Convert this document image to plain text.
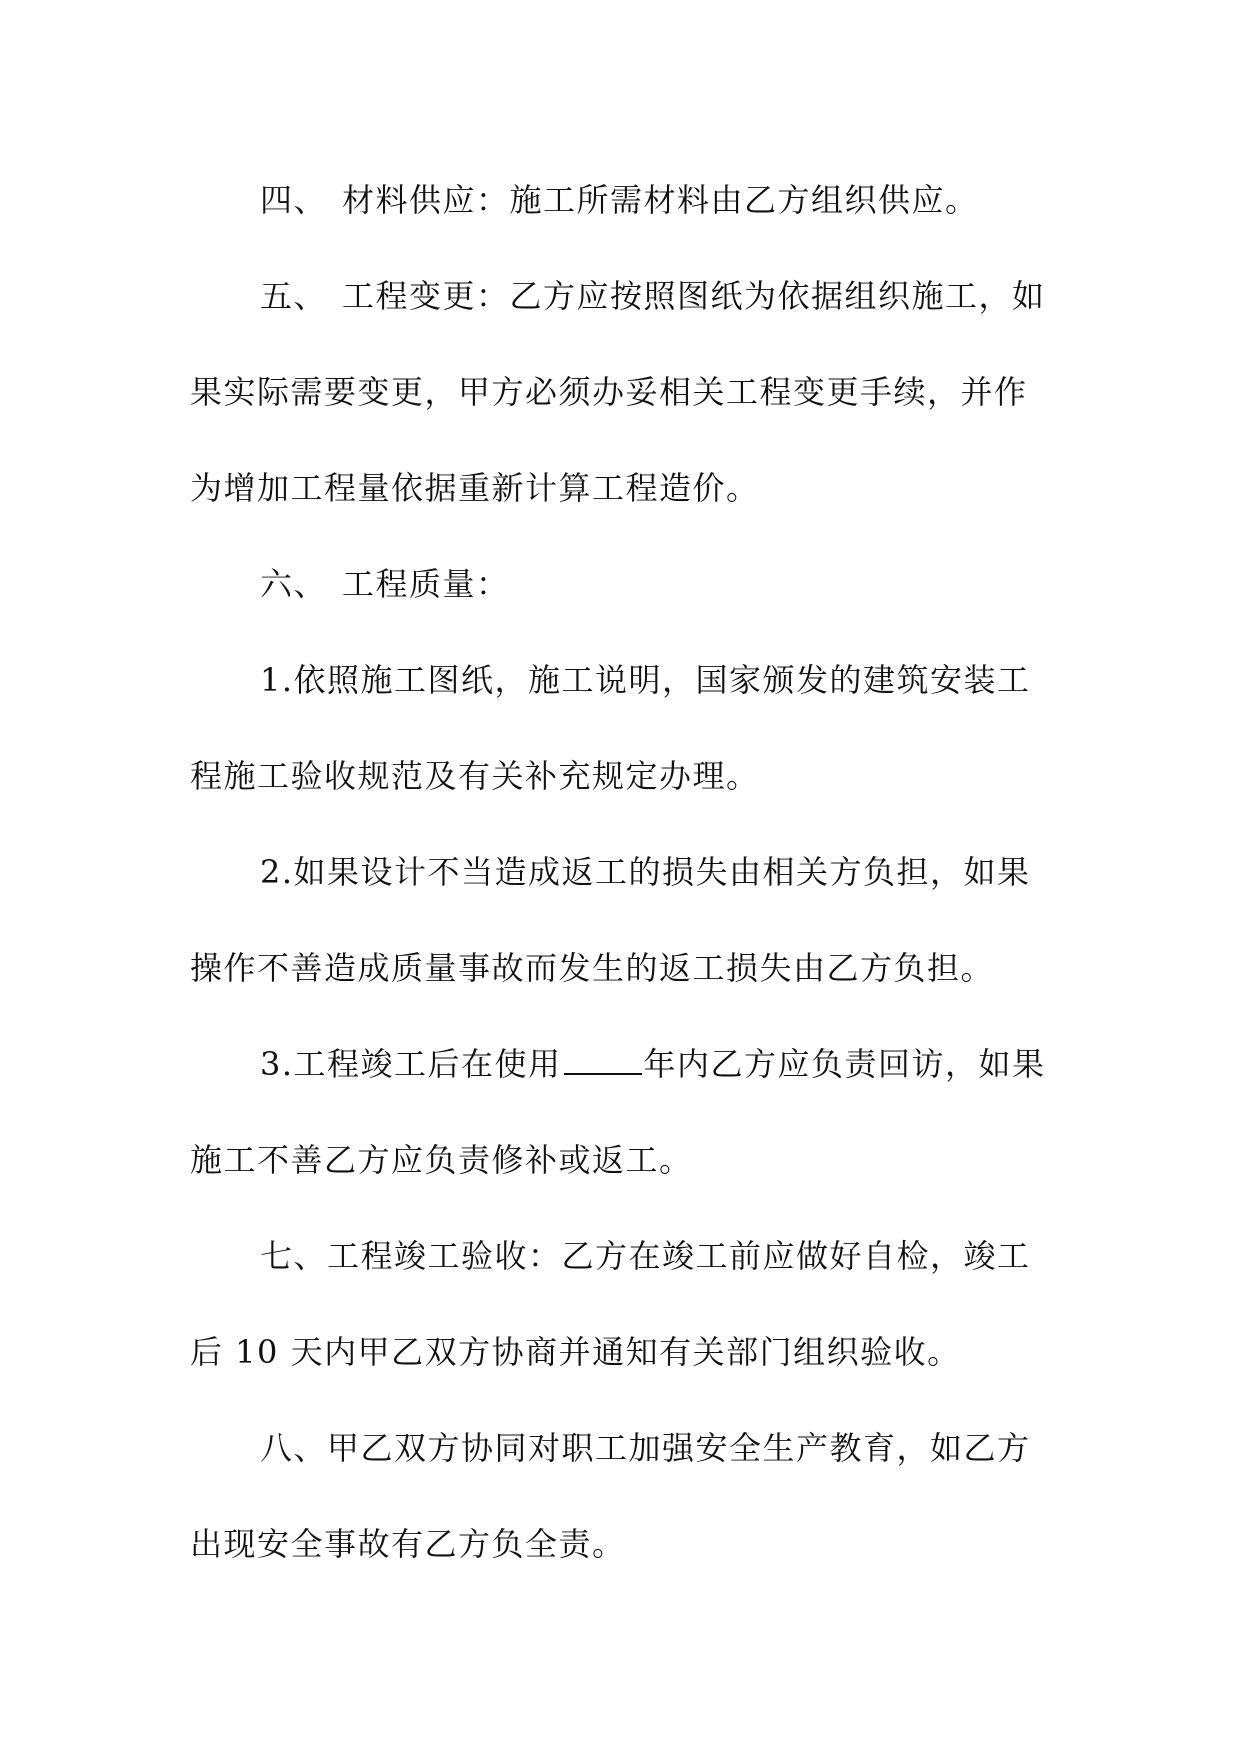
四、 材料供应：施工所需材料由乙方组织供应。
五、 工程变更：乙方应按照图纸为依据组织施工，如
果实际需要变更，甲方必须办妥相关工程变更手续，并作
为增加工程量依据重新计算工程造价。
六、 工程质量：
1.依照施工图纸，施工说明，国家颁发的建筑安装工
程施工验收规范及有关补充规定办理。
2.如果设计不当造成返工的损失由相关方负担，如果
操作不善造成质量事故而发生的返工损失由乙方负担。
3.工程竣工后在使用	年内乙方应负责回访，如果
施工不善乙方应负责修补或返工。
七、工程竣工验收：乙方在竣工前应做好自检，竣工
后 10 天内甲乙双方协商并通知有关部门组织验收。
八、甲乙双方协同对职工加强安全生产教育，如乙方
出现安全事故有乙方负全责。
